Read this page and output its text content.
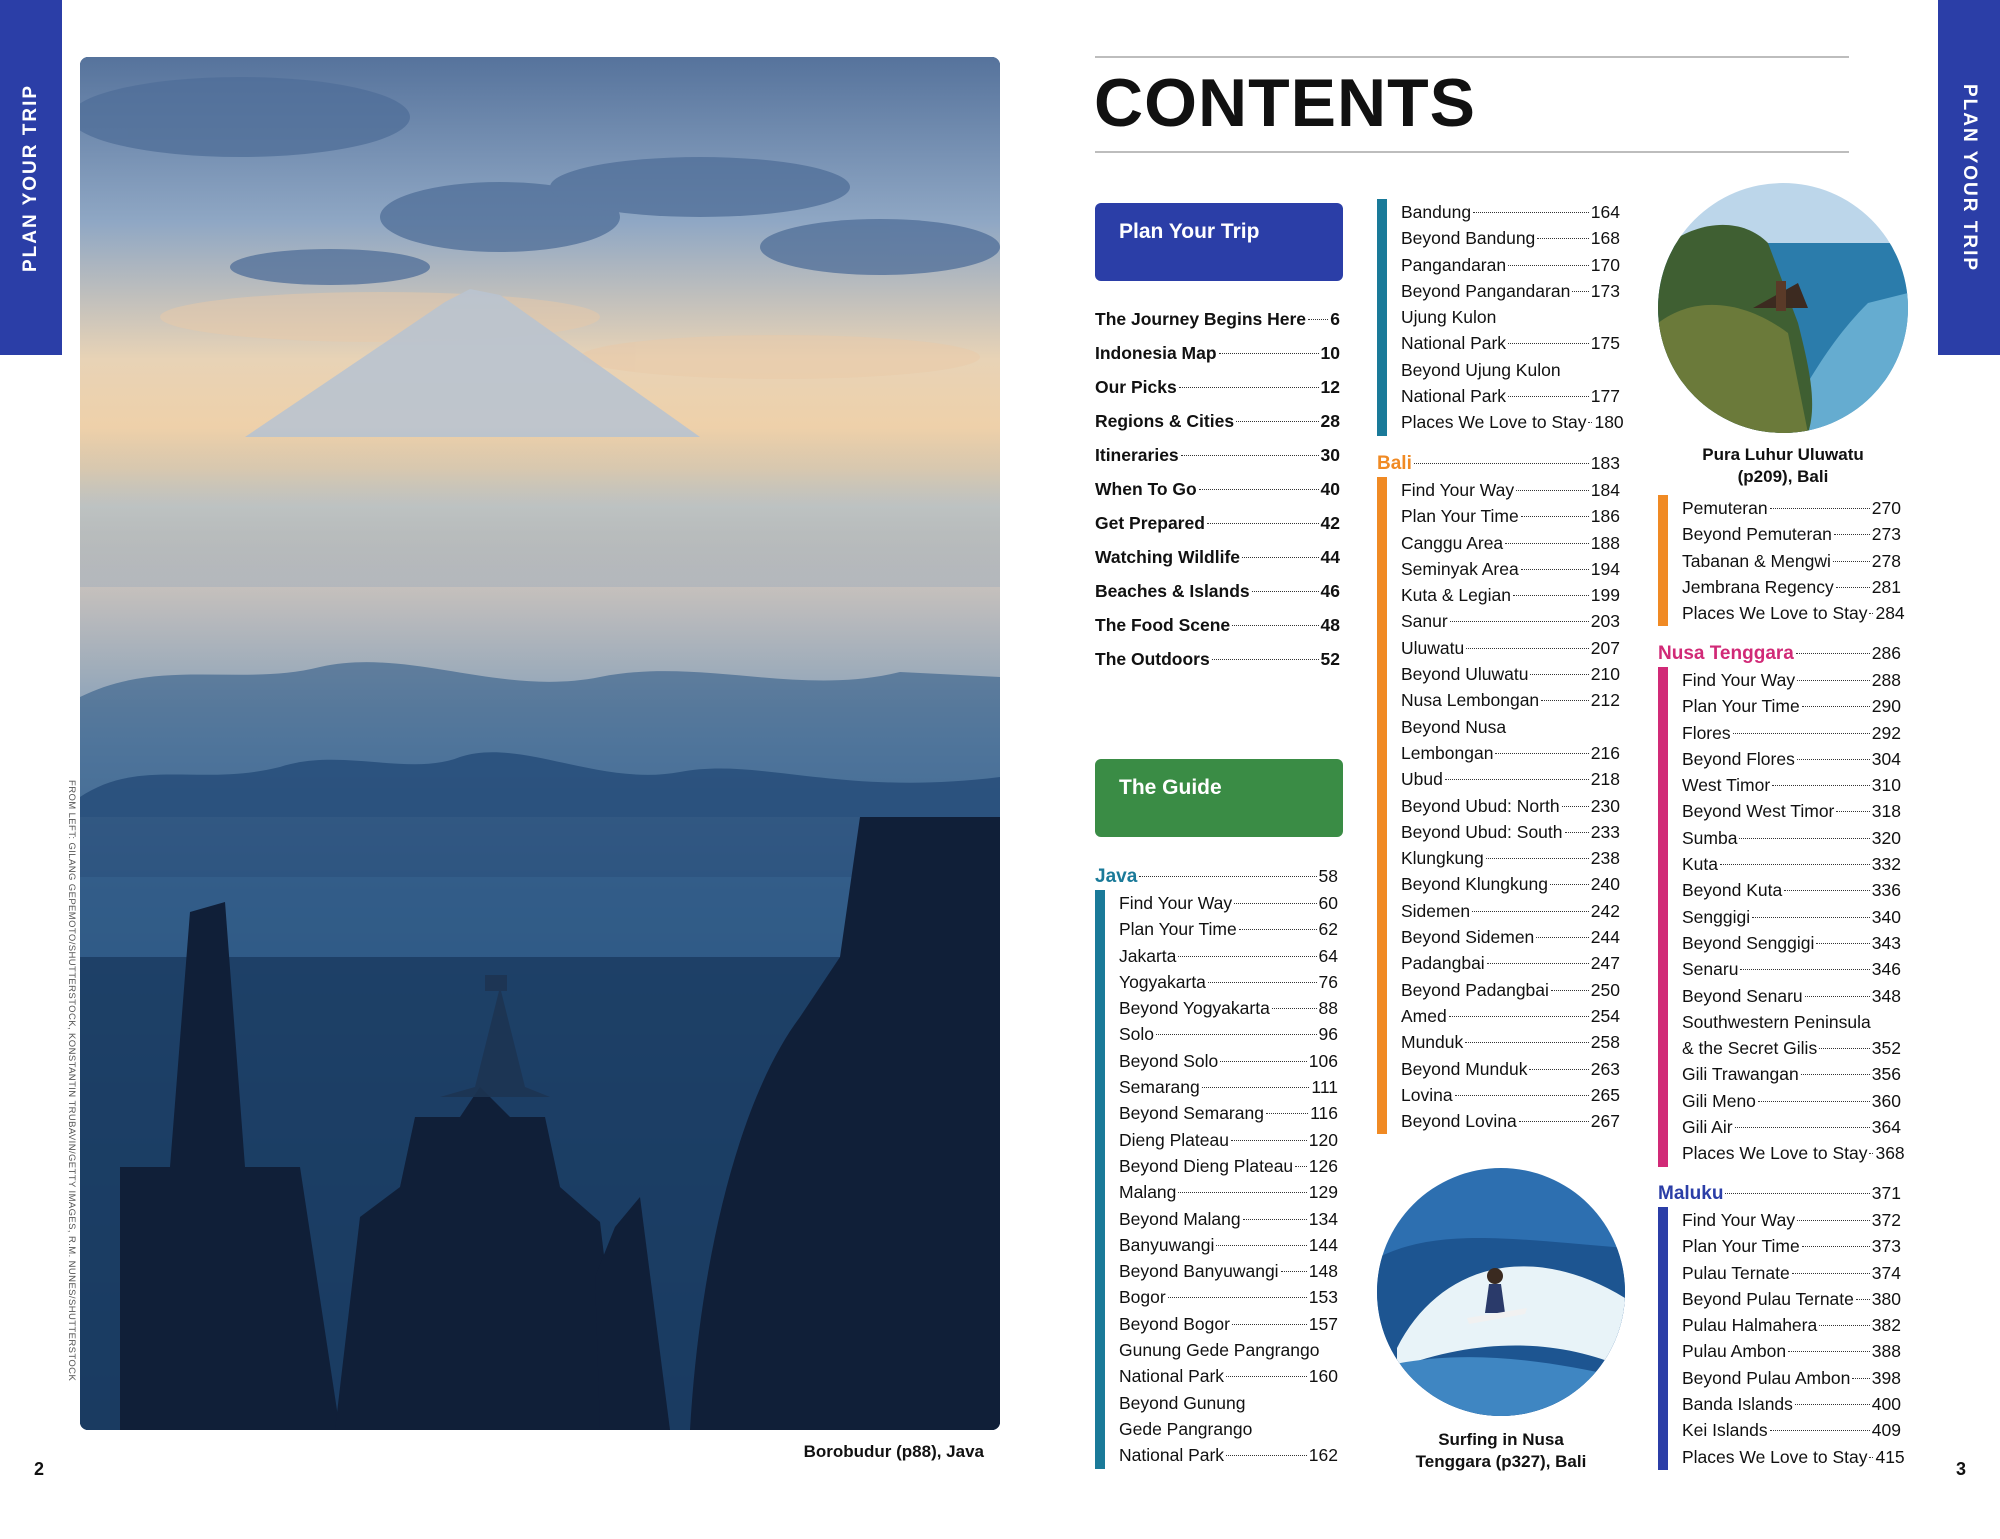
PLAN YOUR TRIP	PLAN YOUR TRIP
FROM LEFT: GILANG GEPEMOTO/SHUTTERSTOCK, KONSTANTIN TRUBAVIN/GETTY IMAGES, R.M. NUNES/SHUTTERSTOCK
Borobudur (p88), Java
2	3
CONTENTS
Plan Your Trip
The Journey Begins Here 6
Indonesia Map	10
Our Picks	12
Regions & Cities	28
Itineraries	30
When To Go	40
Get Prepared	42
Watching Wildlife	44
Beaches & Islands	46
The Food Scene	48
The Outdoors	52
The Guide
Java	58
Find Your Way	60
Plan Your Time	62
Jakarta	64
Yogyakarta	76
Beyond Yogyakarta	88
Solo	96
Beyond Solo	106
Semarang	111
Beyond Semarang	116
Dieng Plateau	120
Beyond Dieng Plateau 126
Malang	129
Beyond Malang	134
Banyuwangi	144
Beyond Banyuwangi 148
Bogor	153
Beyond Bogor	157
Gunung Gede Pangrango
National Park	160
Beyond Gunung
Gede Pangrango
National Park	162
Bandung	164
Beyond Bandung	168
Pangandaran	170
Beyond Pangandaran 173
Ujung Kulon
National Park	175
Beyond Ujung Kulon
National Park	177
Places We Love to Stay 180
Bali	183
Find Your Way	184
Plan Your Time	186
Canggu Area	188
Seminyak Area	194
Kuta & Legian	199
Sanur	203
Uluwatu	207
Beyond Uluwatu	210
Nusa Lembongan	212
Beyond Nusa
Lembongan	216
Ubud	218
Beyond Ubud: North 230
Beyond Ubud: South 233
Klungkung	238
Beyond Klungkung 240
Sidemen	242
Beyond Sidemen	244
Padangbai	247
Beyond Padangbai 250
Amed	254
Munduk	258
Beyond Munduk	263
Lovina	265
Beyond Lovina	267
Pemuteran	270
Beyond Pemuteran 273
Tabanan & Mengwi 278
Jembrana Regency 281
Places We Love to Stay 284
Nusa Tenggara	286
Find Your Way	288
Plan Your Time	290
Flores	292
Beyond Flores	304
West Timor	310
Beyond West Timor 318
Sumba	320
Kuta	332
Beyond Kuta	336
Senggigi	340
Beyond Senggigi	343
Senaru	346
Beyond Senaru	348
Southwestern Peninsula
& the Secret Gilis	352
Gili Trawangan	356
Gili Meno	360
Gili Air	364
Places We Love to Stay 368
Maluku	371
Find Your Way	372
Plan Your Time	373
Pulau Ternate	374
Beyond Pulau Ternate 380
Pulau Halmahera	382
Pulau Ambon	388
Beyond Pulau Ambon 398
Banda Islands	400
Kei Islands	409
Places We Love to Stay 415
Pura Luhur Uluwatu
(p209), Bali
Surfing in Nusa
Tenggara (p327), Bali
